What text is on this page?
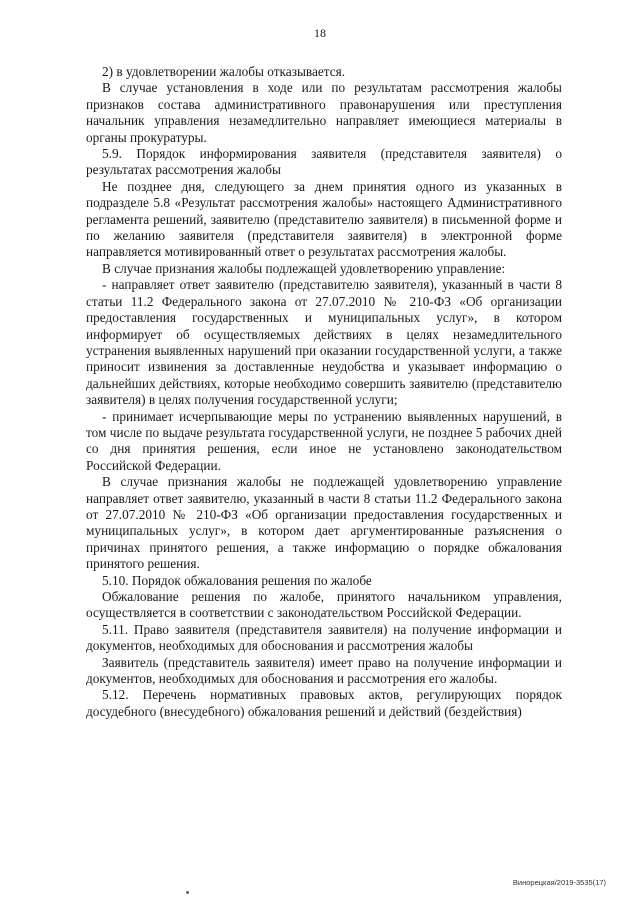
18

2) в удовлетворении жалобы отказывается.

В случае установления в ходе или по результатам рассмотрения жалобы признаков состава административного правонарушения или преступления начальник управления незамедлительно направляет имеющиеся материалы в органы прокуратуры.

5.9. Порядок информирования заявителя (представителя заявителя) о результатах рассмотрения жалобы

Не позднее дня, следующего за днем принятия одного из указанных в подразделе 5.8 «Результат рассмотрения жалобы» настоящего Административного регламента решений, заявителю (представителю заявителя) в письменной форме и по желанию заявителя (представителя заявителя) в электронной форме направляется мотивированный ответ о результатах рассмотрения жалобы.

В случае признания жалобы подлежащей удовлетворению управление:

- направляет ответ заявителю (представителю заявителя), указанный в части 8 статьи 11.2 Федерального закона от 27.07.2010 № 210-ФЗ «Об организации предоставления государственных и муниципальных услуг», в котором информирует об осуществляемых действиях в целях незамедлительного устранения выявленных нарушений при оказании государственной услуги, а также приносит извинения за доставленные неудобства и указывает информацию о дальнейших действиях, которые необходимо совершить заявителю (представителю заявителя) в целях получения государственной услуги;

- принимает исчерпывающие меры по устранению выявленных нарушений, в том числе по выдаче результата государственной услуги, не позднее 5 рабочих дней со дня принятия решения, если иное не установлено законодательством Российской Федерации.

В случае признания жалобы не подлежащей удовлетворению управление направляет ответ заявителю, указанный в части 8 статьи 11.2 Федерального закона от 27.07.2010 № 210-ФЗ «Об организации предоставления государственных и муниципальных услуг», в котором дает аргументированные разъяснения о причинах принятого решения, а также информацию о порядке обжалования принятого решения.

5.10. Порядок обжалования решения по жалобе

Обжалование решения по жалобе, принятого начальником управления, осуществляется в соответствии с законодательством Российской Федерации.

5.11. Право заявителя (представителя заявителя) на получение информации и документов, необходимых для обоснования и рассмотрения жалобы

Заявитель (представитель заявителя) имеет право на получение информации и документов, необходимых для обоснования и рассмотрения его жалобы.

5.12. Перечень нормативных правовых актов, регулирующих порядок досудебного (внесудебного) обжалования решений и действий (бездействия)

Винорецкая/2019-3535(17)
